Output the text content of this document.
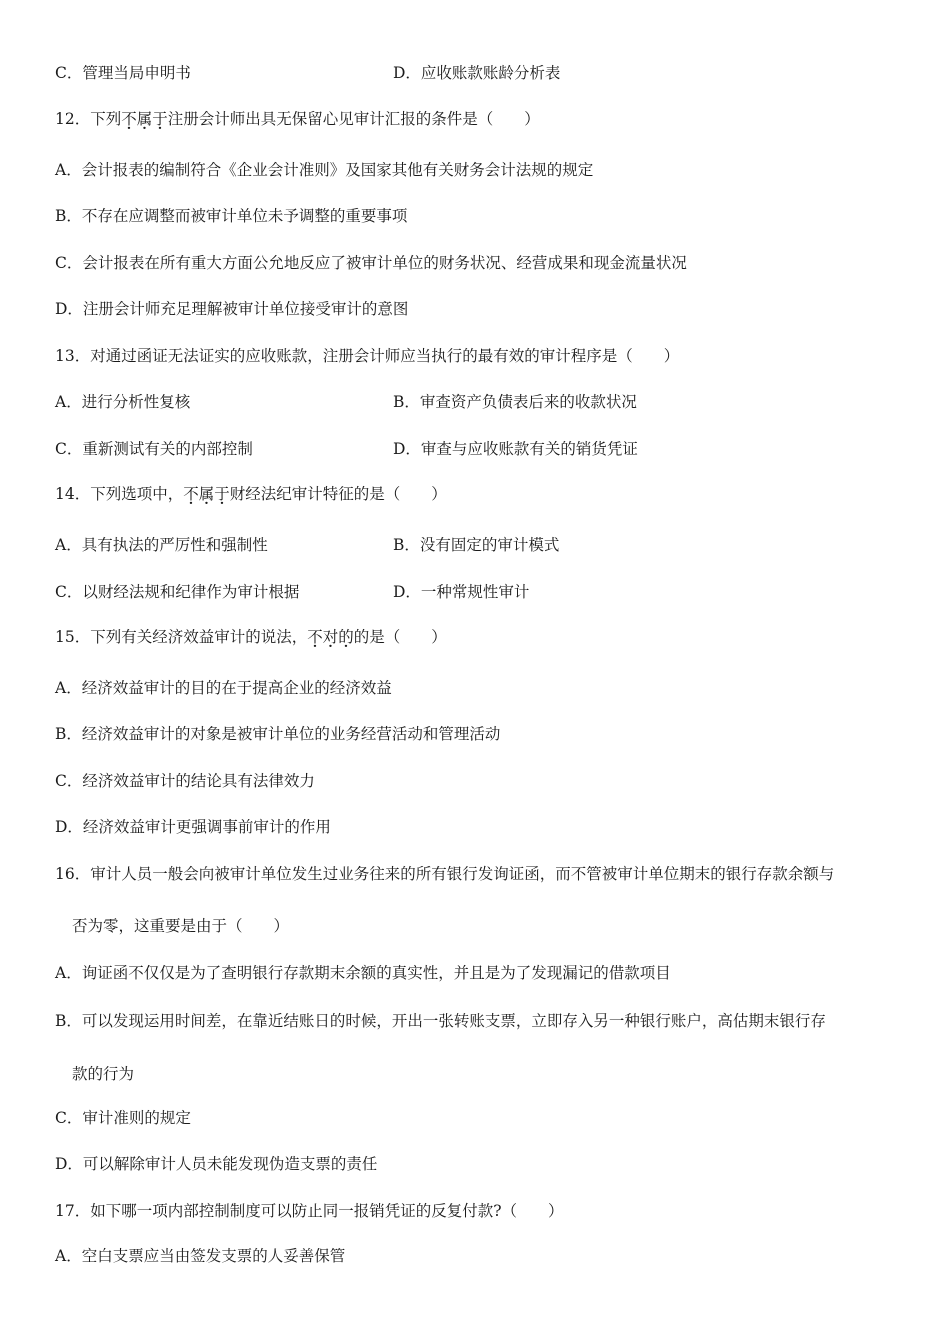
C．管理当局申明书	D．应收账款账龄分析表
12．下列不属于注册会计师出具无保留心见审计汇报的条件是（　　）
A．会计报表的编制符合《企业会计准则》及国家其他有关财务会计法规的规定
B．不存在应调整而被审计单位未予调整的重要事项
C．会计报表在所有重大方面公允地反应了被审计单位的财务状况、经营成果和现金流量状况
D．注册会计师充足理解被审计单位接受审计的意图
13．对通过函证无法证实的应收账款，注册会计师应当执行的最有效的审计程序是（　　）
A．进行分析性复核	B．审查资产负债表后来的收款状况
C．重新测试有关的内部控制	D．审查与应收账款有关的销货凭证
14．下列选项中，不属于财经法纪审计特征的是（　　）
A．具有执法的严厉性和强制性	B．没有固定的审计模式
C．以财经法规和纪律作为审计根据	D．一种常规性审计
15．下列有关经济效益审计的说法，不对的的是（　　）
A．经济效益审计的目的在于提高企业的经济效益
B．经济效益审计的对象是被审计单位的业务经营活动和管理活动
C．经济效益审计的结论具有法律效力
D．经济效益审计更强调事前审计的作用
16．审计人员一般会向被审计单位发生过业务往来的所有银行发询证函，而不管被审计单位期末的银行存款余额与
否为零，这重要是由于（　　）
A．询证函不仅仅是为了查明银行存款期末余额的真实性，并且是为了发现漏记的借款项目
B．可以发现运用时间差，在靠近结账日的时候，开出一张转账支票，立即存入另一种银行账户，高估期末银行存
款的行为
C．审计准则的规定
D．可以解除审计人员未能发现伪造支票的责任
17．如下哪一项内部控制制度可以防止同一报销凭证的反复付款?（　　）
A．空白支票应当由签发支票的人妥善保管
